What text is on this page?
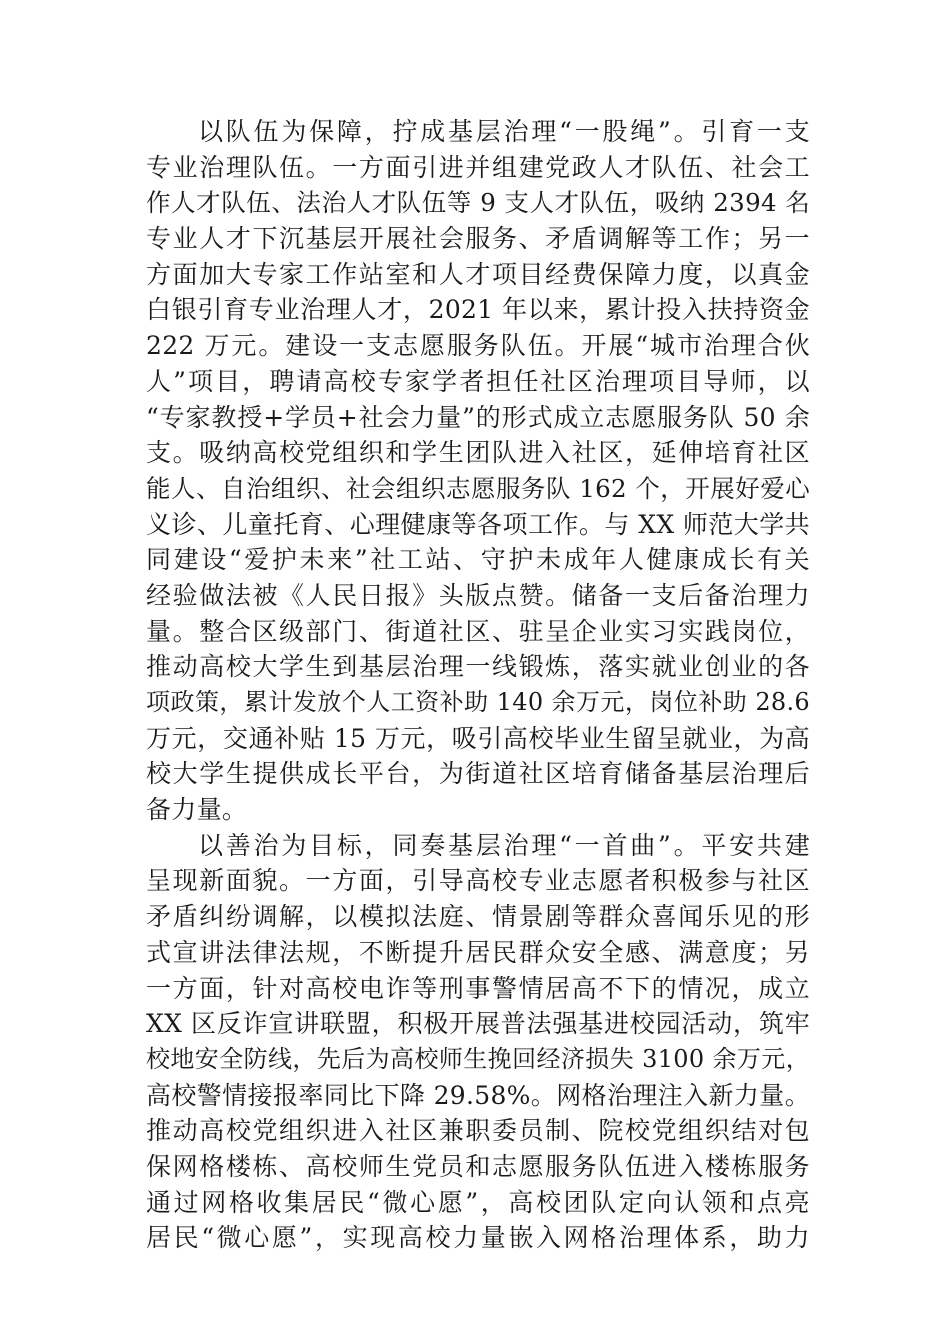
以队伍为保障，拧成基层治理“一股绳”。引育一支
专业治理队伍。一方面引进并组建党政人才队伍、社会工
作人才队伍、法治人才队伍等 9 支人才队伍，吸纳 2394 名
专业人才下沉基层开展社会服务、矛盾调解等工作；另一
方面加大专家工作站室和人才项目经费保障力度，以真金
白银引育专业治理人才，2021 年以来，累计投入扶持资金
222 万元。建设一支志愿服务队伍。开展“城市治理合伙
人”项目，聘请高校专家学者担任社区治理项目导师，以
“专家教授+学员+社会力量”的形式成立志愿服务队 50 余
支。吸纳高校党组织和学生团队进入社区，延伸培育社区
能人、自治组织、社会组织志愿服务队 162 个，开展好爱心
义诊、儿童托育、心理健康等各项工作。与 XX 师范大学共
同建设“爱护未来”社工站、守护未成年人健康成长有关
经验做法被《人民日报》头版点赞。储备一支后备治理力
量。整合区级部门、街道社区、驻呈企业实习实践岗位，
推动高校大学生到基层治理一线锻炼，落实就业创业的各
项政策，累计发放个人工资补助 140 余万元，岗位补助 28.6
万元，交通补贴 15 万元，吸引高校毕业生留呈就业，为高
校大学生提供成长平台，为街道社区培育储备基层治理后
备力量。
以善治为目标，同奏基层治理“一首曲”。平安共建
呈现新面貌。一方面，引导高校专业志愿者积极参与社区
矛盾纠纷调解，以模拟法庭、情景剧等群众喜闻乐见的形
式宣讲法律法规，不断提升居民群众安全感、满意度；另
一方面，针对高校电诈等刑事警情居高不下的情况，成立
XX 区反诈宣讲联盟，积极开展普法强基进校园活动，筑牢
校地安全防线，先后为高校师生挽回经济损失 3100 余万元，
高校警情接报率同比下降 29.58%。网格治理注入新力量。
推动高校党组织进入社区兼职委员制、院校党组织结对包
保网格楼栋、高校师生党员和志愿服务队伍进入楼栋服务
通过网格收集居民“微心愿”，高校团队定向认领和点亮
居民“微心愿”，实现高校力量嵌入网格治理体系，助力
